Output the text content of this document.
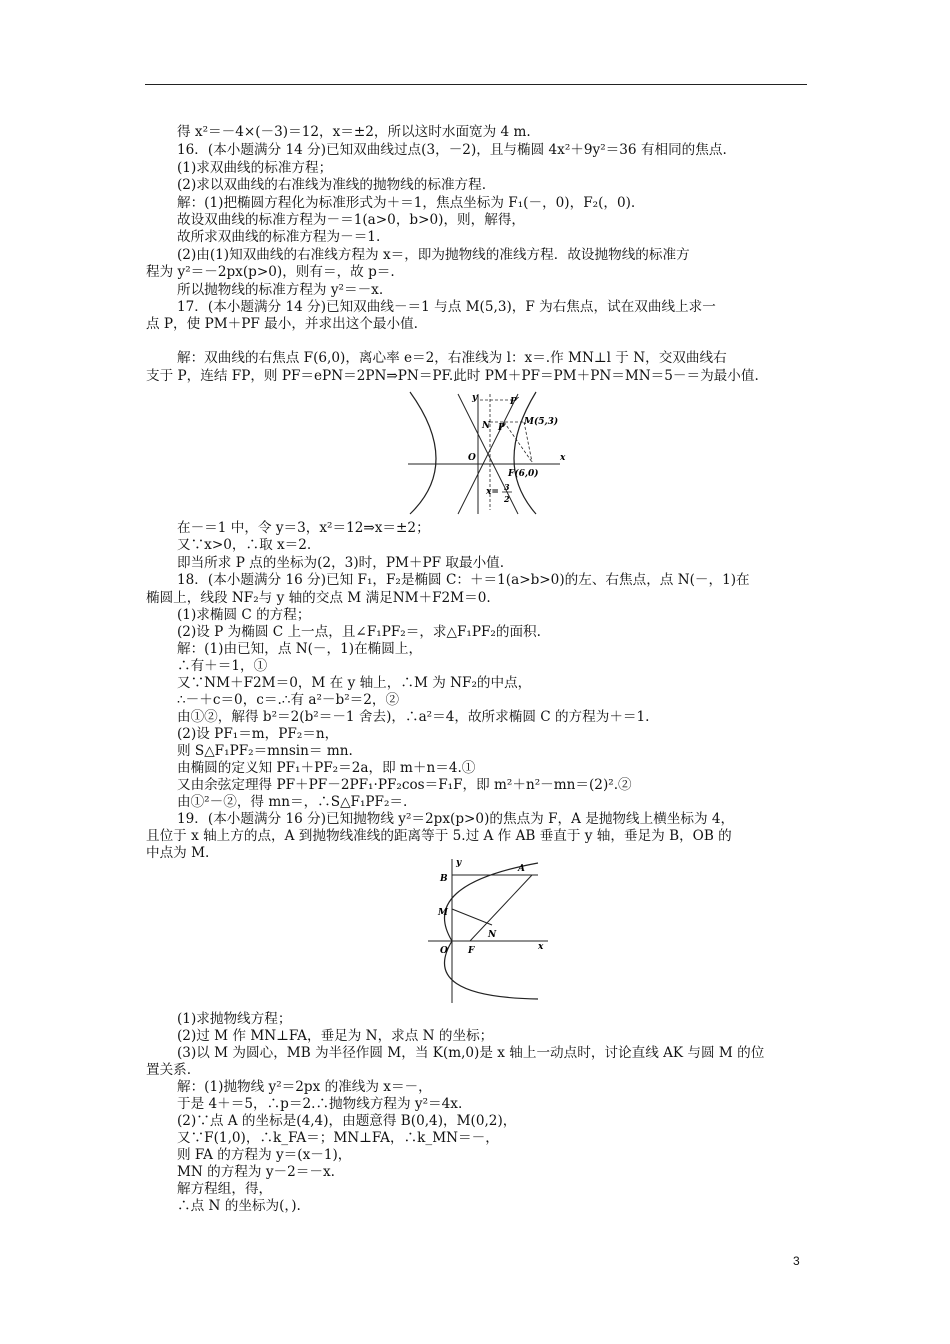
得 x²＝－4×(－3)＝12，x＝±2，所以这时水面宽为 4 m.
16．(本小题满分 14 分)已知双曲线过点(3，－2)，且与椭圆 4x²＋9y²＝36 有相同的焦点.
(1)求双曲线的标准方程；
(2)求以双曲线的右准线为准线的抛物线的标准方程.
解：(1)把椭圆方程化为标准形式为＋＝1，焦点坐标为 F₁(－，0)，F₂(，0).
故设双曲线的标准方程为－＝1(a>0，b>0)，则，解得，
故所求双曲线的标准方程为－＝1.
(2)由(1)知双曲线的右准线方程为 x＝，即为抛物线的准线方程．故设抛物线的标准方
程为 y²＝－2px(p>0)，则有＝，故 p＝.
所以抛物线的标准方程为 y²＝－x.
17．(本小题满分 14 分)已知双曲线－＝1 与点 M(5,3)，F 为右焦点，试在双曲线上求一
点 P，使 PM＋PF 最小，并求出这个最小值.
解：双曲线的右焦点 F(6,0)，离心率 e＝2，右准线为 l：x＝.作 MN⊥l 于 N，交双曲线右
支于 P，连结 FP，则 PF＝ePN＝2PN⇒PN＝PF.此时 PM＋PF＝PM＋PN＝MN＝5－＝为最小值.
在－＝1 中，令 y＝3，x²＝12⇒x＝±2；
又∵x>0，∴取 x＝2.
即当所求 P 点的坐标为(2，3)时，PM＋PF 取最小值.
18．(本小题满分 16 分)已知 F₁，F₂是椭圆 C：＋＝1(a>b>0)的左、右焦点，点 N(－，1)在
椭圆上，线段 NF₂与 y 轴的交点 M 满足NM＋F2M＝0.
(1)求椭圆 C 的方程；
(2)设 P 为椭圆 C 上一点，且∠F₁PF₂＝，求△F₁PF₂的面积.
解：(1)由已知，点 N(－，1)在椭圆上，
∴有＋＝1，①
又∵NM＋F2M＝0，M 在 y 轴上，∴M 为 NF₂的中点，
∴－＋c＝0，c＝.∴有 a²－b²＝2，②
由①②，解得 b²＝2(b²＝－1 舍去)，∴a²＝4，故所求椭圆 C 的方程为＋＝1.
(2)设 PF₁＝m，PF₂＝n，
则 S△F₁PF₂＝mnsin＝ mn.
由椭圆的定义知 PF₁＋PF₂＝2a，即 m＋n＝4.①
又由余弦定理得 PF＋PF－2PF₁·PF₂cos＝F₁F，即 m²＋n²－mn＝(2)².②
由①²－②，得 mn＝，∴S△F₁PF₂＝.
19．(本小题满分 16 分)已知抛物线 y²＝2px(p>0)的焦点为 F，A 是抛物线上横坐标为 4，
且位于 x 轴上方的点，A 到抛物线准线的距离等于 5.过 A 作 AB 垂直于 y 轴，垂足为 B，OB 的
中点为 M.
(1)求抛物线方程；
(2)过 M 作 MN⊥FA，垂足为 N，求点 N 的坐标；
(3)以 M 为圆心，MB 为半径作圆 M，当 K(m,0)是 x 轴上一动点时，讨论直线 AK 与圆 M 的位
置关系.
解：(1)抛物线 y²＝2px 的准线为 x＝－，
于是 4＋＝5，∴p＝2.∴抛物线方程为 y²＝4x.
(2)∵点 A 的坐标是(4,4)，由题意得 B(0,4)，M(0,2)，
又∵F(1,0)，∴k_FA＝；MN⊥FA，∴k_MN＝－，
则 FA 的方程为 y＝(x－1)，
MN 的方程为 y－2＝－x.
解方程组，得，
∴点 N 的坐标为(，).
y
N
P′
P
M(5,3)
O
F(6,0)
x
x= 3
2
y
B
A
M
N
O F	x
3
